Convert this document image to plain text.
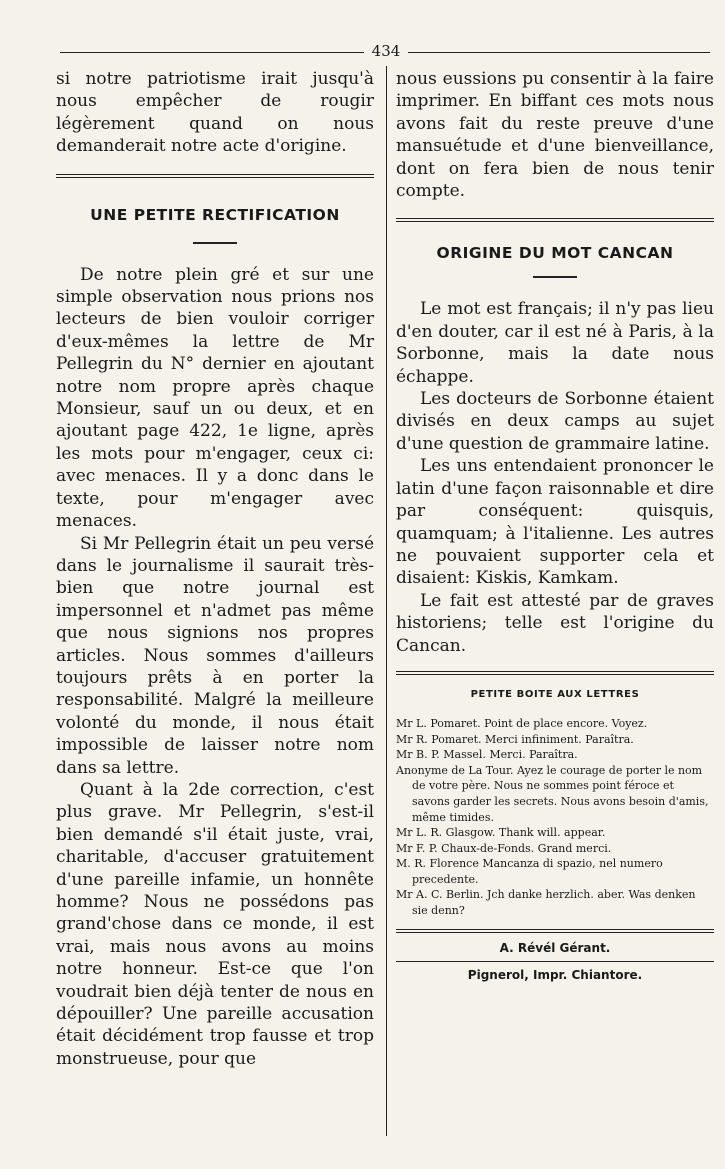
434

si notre patriotisme irait jusqu'à nous empêcher de rougir légèrement quand on nous demanderait notre acte d'origine.

UNE PETITE RECTIFICATION

De notre plein gré et sur une simple observation nous prions nos lecteurs de bien vouloir corriger d'eux-mêmes la lettre de Mr Pellegrin du N° dernier en ajoutant notre nom propre après chaque Monsieur, sauf un ou deux, et en ajoutant page 422, 1e ligne, après les mots pour m'engager, ceux ci: avec menaces. Il y a donc dans le texte, pour m'engager avec menaces.

Si Mr Pellegrin était un peu versé dans le journalisme il saurait très-bien que notre journal est impersonnel et n'admet pas même que nous signions nos propres articles. Nous sommes d'ailleurs toujours prêts à en porter la responsabilité. Malgré la meilleure volonté du monde, il nous était impossible de laisser notre nom dans sa lettre.

Quant à la 2de correction, c'est plus grave. Mr Pellegrin, s'est-il bien demandé s'il était juste, vrai, charitable, d'accuser gratuitement d'une pareille infamie, un honnête homme? Nous ne possédons pas grand'chose dans ce monde, il est vrai, mais nous avons au moins notre honneur. Est-ce que l'on voudrait bien déjà tenter de nous en dépouiller? Une pareille accusation était décidément trop fausse et trop monstrueuse, pour que

nous eussions pu consentir à la faire imprimer. En biffant ces mots nous avons fait du reste preuve d'une mansuétude et d'une bienveillance, dont on fera bien de nous tenir compte.

ORIGINE DU MOT CANCAN

Le mot est français; il n'y pas lieu d'en douter, car il est né à Paris, à la Sorbonne, mais la date nous échappe.

Les docteurs de Sorbonne étaient divisés en deux camps au sujet d'une question de grammaire latine.

Les uns entendaient prononcer le latin d'une façon raisonnable et dire par conséquent: quisquis, quamquam; à l'italienne. Les autres ne pouvaient supporter cela et disaient: Kiskis, Kamkam.

Le fait est attesté par de graves historiens; telle est l'origine du Cancan.

PETITE BOITE AUX LETTRES

Mr L. Pomaret. Point de place encore. Voyez.

Mr R. Pomaret. Merci infiniment. Paraîtra.

Mr B. P. Massel. Merci. Paraîtra.

Anonyme de La Tour. Ayez le courage de porter le nom de votre père. Nous ne sommes point féroce et savons garder les secrets. Nous avons besoin d'amis, même timides.

Mr L. R. Glasgow. Thank will. appear.

Mr F. P. Chaux-de-Fonds. Grand merci.

M. R. Florence Mancanza di spazio, nel numero precedente.

Mr A. C. Berlin. Jch danke herzlich. aber. Was denken sie denn?

A. Révél Gérant.
Pignerol, Impr. Chiantore.
